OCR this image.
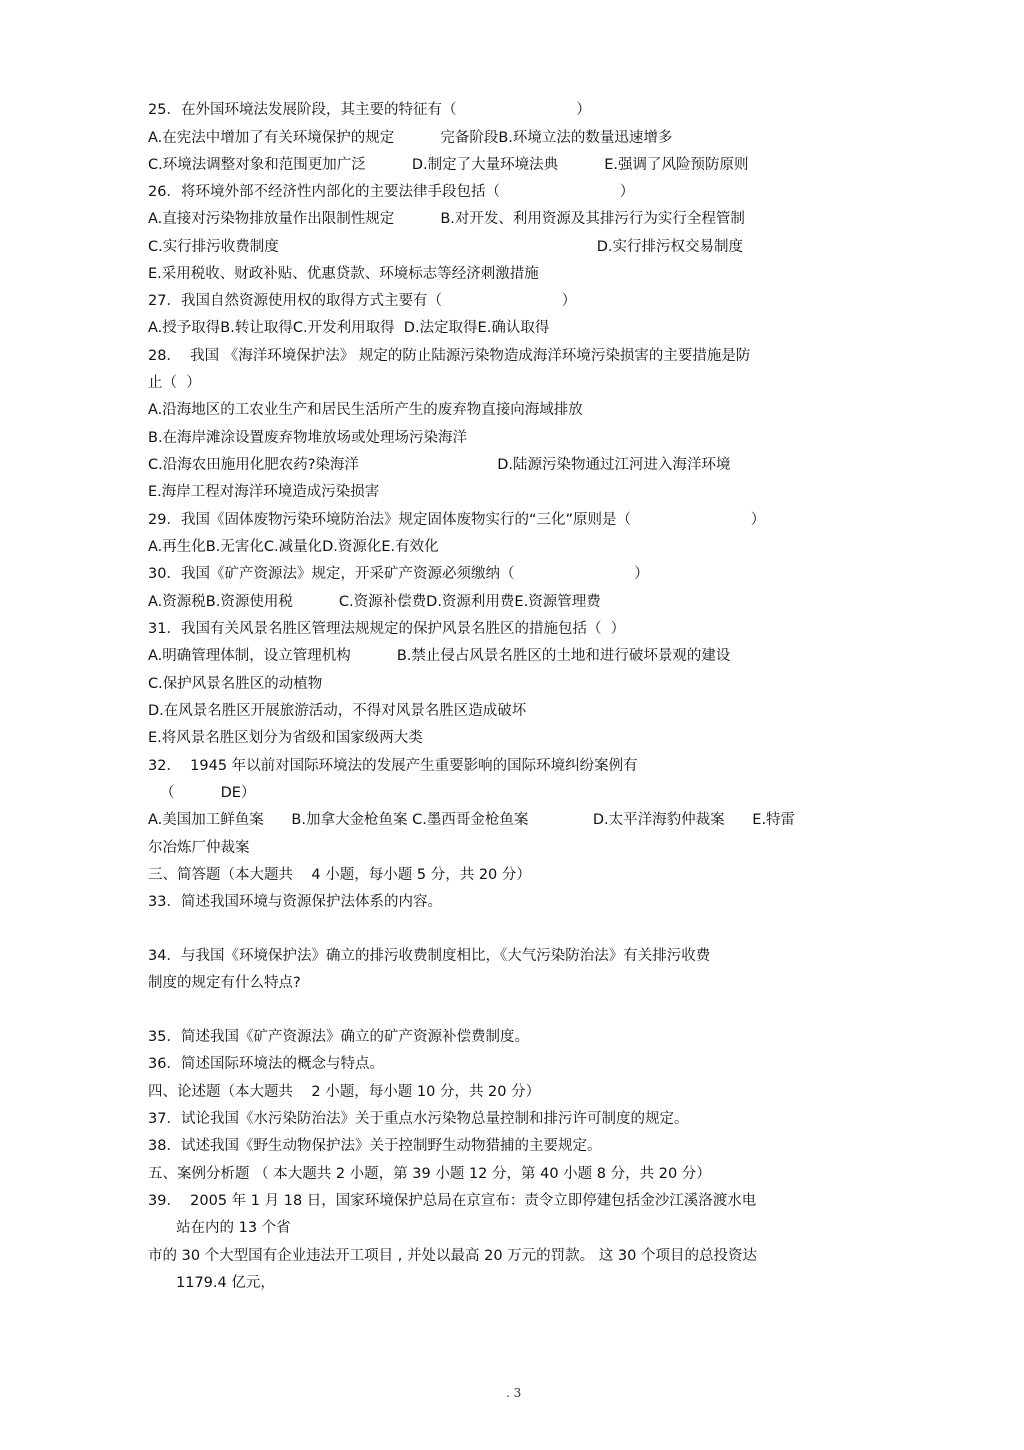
25．在外国环境法发展阶段，其主要的特征有（                          ）
A.在宪法中增加了有关环境保护的规定          完备阶段B.环境立法的数量迅速增多
C.环境法调整对象和范围更加广泛          D.制定了大量环境法典          E.强调了风险预防原则
26．将环境外部不经济性内部化的主要法律手段包括（                          ）
A.直接对污染物排放量作出限制性规定          B.对开发、利用资源及其排污行为实行全程管制
C.实行排污收费制度                                                                     D.实行排污权交易制度
E.采用税收、财政补贴、优惠贷款、环境标志等经济刺激措施
27．我国自然资源使用权的取得方式主要有（                          ）
A.授予取得B.转让取得C.开发利用取得  D.法定取得E.确认取得
28．  我国 《海洋环境保护法》 规定的防止陆源污染物造成海洋环境污染损害的主要措施是防
止（  ）
A.沿海地区的工农业生产和居民生活所产生的废弃物直接向海域排放
B.在海岸滩涂设置废弃物堆放场或处理场污染海洋
C.沿海农田施用化肥农药?染海洋                              D.陆源污染物通过江河进入海洋环境
E.海岸工程对海洋环境造成污染损害
29．我国《固体废物污染环境防治法》规定固体废物实行的“三化”原则是（                          ）
A.再生化B.无害化C.减量化D.资源化E.有效化
30．我国《矿产资源法》规定，开采矿产资源必须缴纳（                          ）
A.资源税B.资源使用税          C.资源补偿费D.资源利用费E.资源管理费
31．我国有关风景名胜区管理法规规定的保护风景名胜区的措施包括（  ）
A.明确管理体制，设立管理机构          B.禁止侵占风景名胜区的土地和进行破坏景观的建设
C.保护风景名胜区的动植物
D.在风景名胜区开展旅游活动，不得对风景名胜区造成破坏
E.将风景名胜区划分为省级和国家级两大类
32．  1945 年以前对国际环境法的发展产生重要影响的国际环境纠纷案例有
（          DE）
A.美国加工鲜鱼案      B.加拿大金枪鱼案 C.墨西哥金枪鱼案              D.太平洋海豹仲裁案      E.特雷
尔冶炼厂仲裁案
三、简答题（本大题共    4 小题，每小题 5 分，共 20 分）
33．简述我国环境与资源保护法体系的内容。
34．与我国《环境保护法》确立的排污收费制度相比，《大气污染防治法》有关排污收费
制度的规定有什么特点?
35．简述我国《矿产资源法》确立的矿产资源补偿费制度。
36．简述国际环境法的概念与特点。
四、论述题（本大题共    2 小题，每小题 10 分，共 20 分）
37．试论我国《水污染防治法》关于重点水污染物总量控制和排污许可制度的规定。
38．试述我国《野生动物保护法》关于控制野生动物猎捕的主要规定。
五、案例分析题 （ 本大题共 2 小题，第 39 小题 12 分，第 40 小题 8 分，共 20 分）
39．  2005 年 1 月 18 日，国家环境保护总局在京宣布：责令立即停建包括金沙江溪洛渡水电
站在内的 13 个省
市的 30 个大型国有企业违法开工项目 , 并处以最高 20 万元的罚款。 这 30 个项目的总投资达
1179.4 亿元，
. 3
